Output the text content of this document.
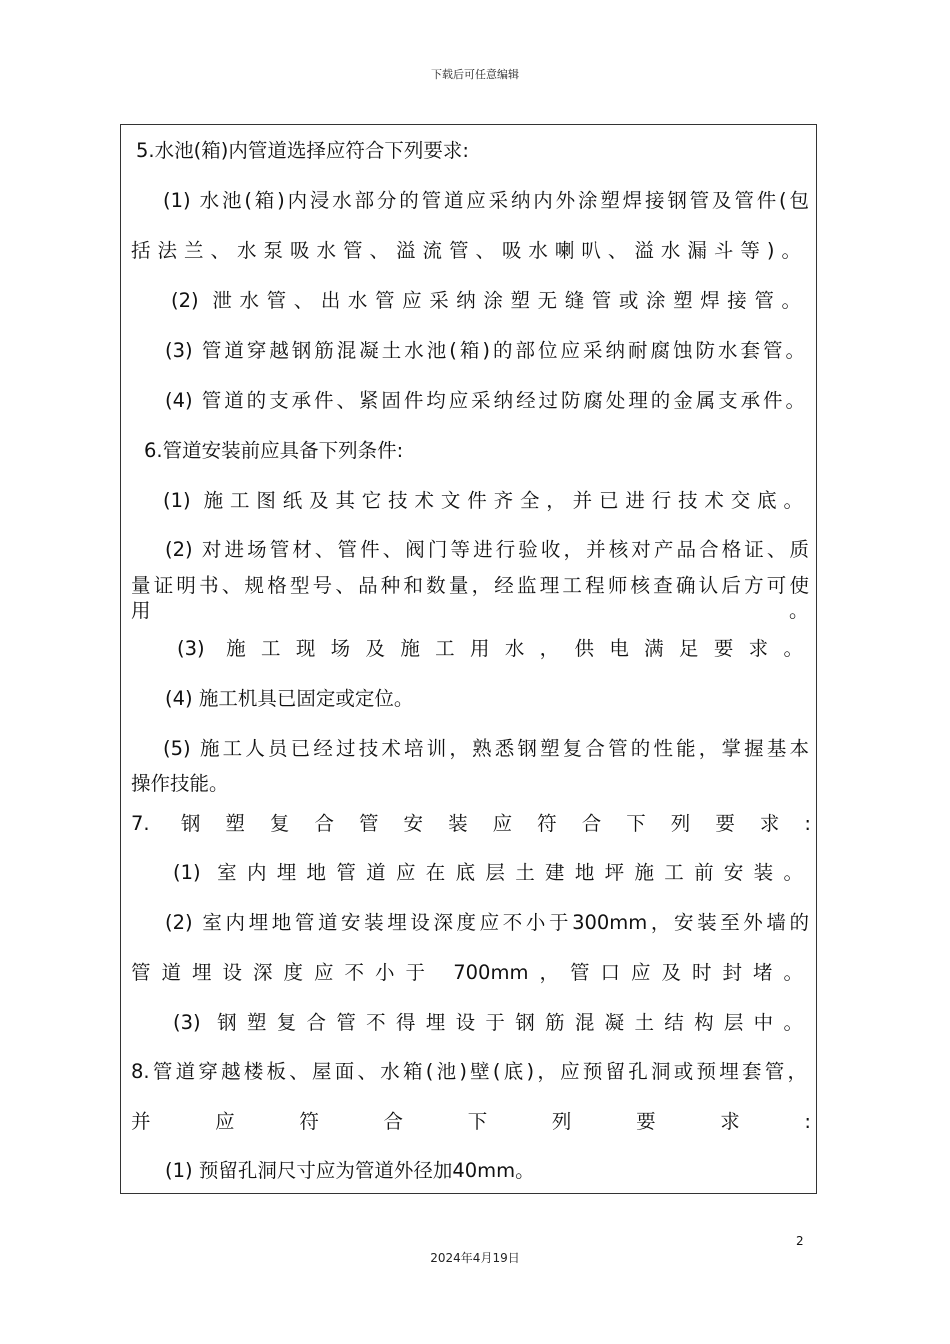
下载后可任意编辑
5.水池(箱)内管道选择应符合下列要求:
(1) 水池(箱)内浸水部分的管道应采纳内外涂塑焊接钢管及管件(包
括法兰、水泵吸水管、溢流管、吸水喇叭、溢水漏斗等)。
(2) 泄水管、出水管应采纳涂塑无缝管或涂塑焊接管。
(3) 管道穿越钢筋混凝土水池(箱)的部位应采纳耐腐蚀防水套管。
(4) 管道的支承件、紧固件均应采纳经过防腐处理的金属支承件。
6.管道安装前应具备下列条件:
(1) 施工图纸及其它技术文件齐全，并已进行技术交底。
(2) 对进场管材、管件、阀门等进行验收，并核对产品合格证、质
量证明书、规格型号、品种和数量，经监理工程师核查确认后方可使
用	。
(3) 施工现场及施工用水，供电满足要求。
(4) 施工机具已固定或定位。
(5) 施工人员已经过技术培训，熟悉钢塑复合管的性能，掌握基本
操作技能。
7. 钢塑复合管安装应符合下列要求:
(1) 室内埋地管道应在底层土建地坪施工前安装。
(2) 室内埋地管道安装埋设深度应不小于300mm，安装至外墙的
管道埋设深度应不小于 700mm，管口应及时封堵。
(3) 钢塑复合管不得埋设于钢筋混凝土结构层中。
8.管道穿越楼板、屋面、水箱(池)壁(底)，应预留孔洞或预埋套管，
并应符合下列要求:
(1) 预留孔洞尺寸应为管道外径加40mm。
2
2024年4月19日
